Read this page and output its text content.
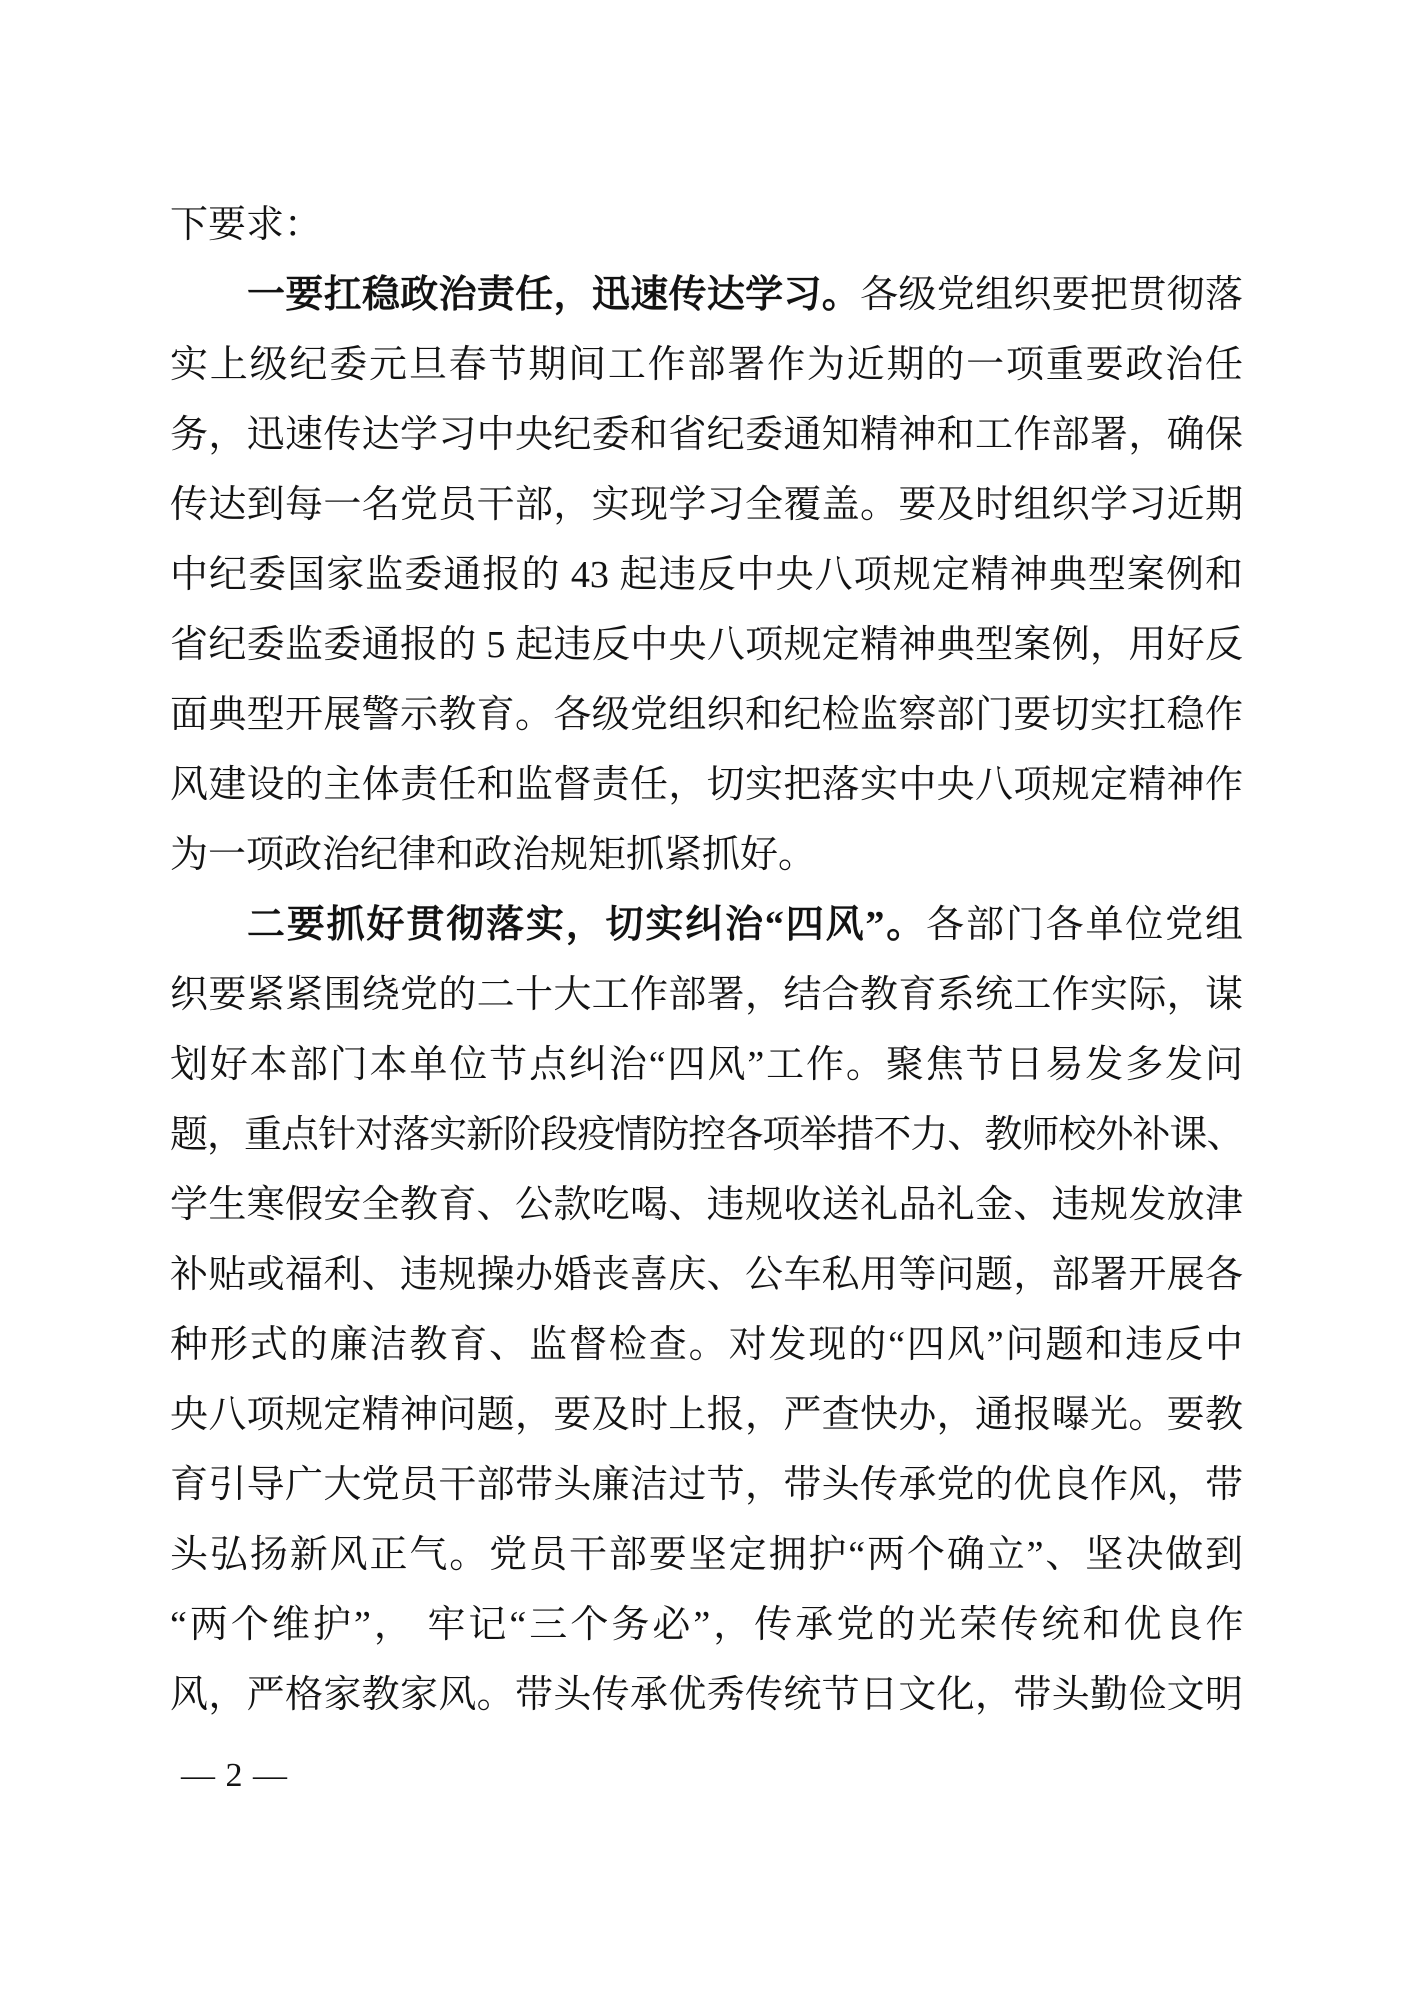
下要求：
一要扛稳政治责任，迅速传达学习。各级党组织要把贯彻落
实上级纪委元旦春节期间工作部署作为近期的一项重要政治任
务，迅速传达学习中央纪委和省纪委通知精神和工作部署，确保
传达到每一名党员干部，实现学习全覆盖。要及时组织学习近期
中纪委国家监委通报的 43 起违反中央八项规定精神典型案例和
省纪委监委通报的 5 起违反中央八项规定精神典型案例，用好反
面典型开展警示教育。各级党组织和纪检监察部门要切实扛稳作
风建设的主体责任和监督责任，切实把落实中央八项规定精神作
为一项政治纪律和政治规矩抓紧抓好。
二要抓好贯彻落实，切实纠治“四风”。各部门各单位党组
织要紧紧围绕党的二十大工作部署，结合教育系统工作实际，谋
划好本部门本单位节点纠治“四风”工作。聚焦节日易发多发问
题，重点针对落实新阶段疫情防控各项举措不力、教师校外补课、
学生寒假安全教育、公款吃喝、违规收送礼品礼金、违规发放津
补贴或福利、违规操办婚丧喜庆、公车私用等问题，部署开展各
种形式的廉洁教育、监督检查。对发现的“四风”问题和违反中
央八项规定精神问题，要及时上报，严查快办，通报曝光。要教
育引导广大党员干部带头廉洁过节，带头传承党的优良作风，带
头弘扬新风正气。党员干部要坚定拥护“两个确立”、坚决做到
“两个维护”， 牢记“三个务必”，传承党的光荣传统和优良作
风，严格家教家风。带头传承优秀传统节日文化，带头勤俭文明
— 2 —
